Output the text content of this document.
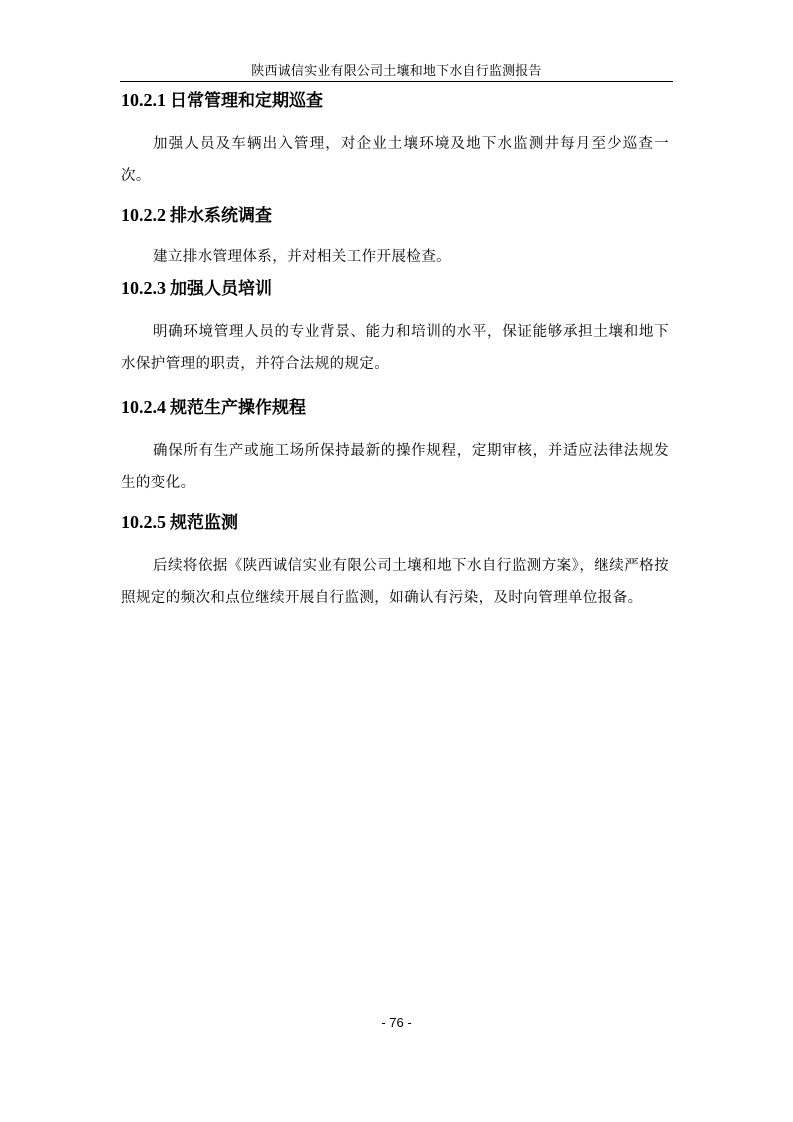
陕西诚信实业有限公司土壤和地下水自行监测报告
10.2.1 日常管理和定期巡查
加强人员及车辆出入管理，对企业土壤环境及地下水监测井每月至少巡查一次。
10.2.2 排水系统调查
建立排水管理体系，并对相关工作开展检查。
10.2.3 加强人员培训
明确环境管理人员的专业背景、能力和培训的水平，保证能够承担土壤和地下水保护管理的职责，并符合法规的规定。
10.2.4 规范生产操作规程
确保所有生产或施工场所保持最新的操作规程，定期审核，并适应法律法规发生的变化。
10.2.5 规范监测
后续将依据《陕西诚信实业有限公司土壤和地下水自行监测方案》，继续严格按照规定的频次和点位继续开展自行监测，如确认有污染，及时向管理单位报备。
- 76 -
